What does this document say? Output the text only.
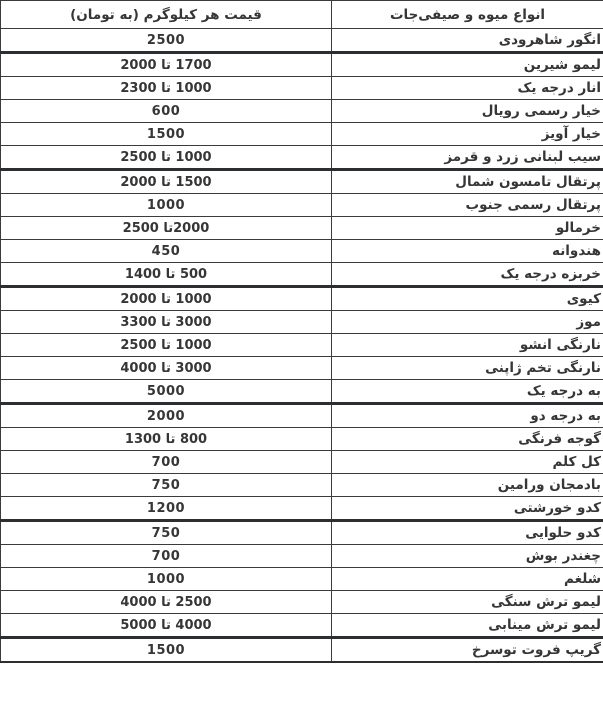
انواع میوه و صیفی‌جات	قیمت هر کیلوگرم (به تومان)
انگور شاهرودی	2500
لیمو شیرین	1700 تا 2000
انار درجه یک	1000 تا 2300
خیار رسمی رویال	600
خیار آویز	1500
سیب لبنانی زرد و قرمز	1000 تا 2500
پرتقال تامسون شمال	1500 تا 2000
پرتقال رسمی جنوب	1000
خرمالو	2000تا 2500
هندوانه	450
خربزه درجه یک	500 تا 1400
کیوی	1000 تا 2000
موز	3000 تا 3300
نارنگی انشو	1000 تا 2500
نارنگی تخم ژاپنی	3000 تا 4000
به درجه یک	5000
به درجه دو	2000
گوجه فرنگی	800 تا 1300
کل کلم	700
بادمجان ورامین	750
کدو خورشتی	1200
کدو حلوایی	750
چغندر بوش	700
شلغم	1000
لیمو ترش سنگی	2500 تا 4000
لیمو ترش مینابی	4000 تا 5000
گریپ فروت توسرخ	1500
